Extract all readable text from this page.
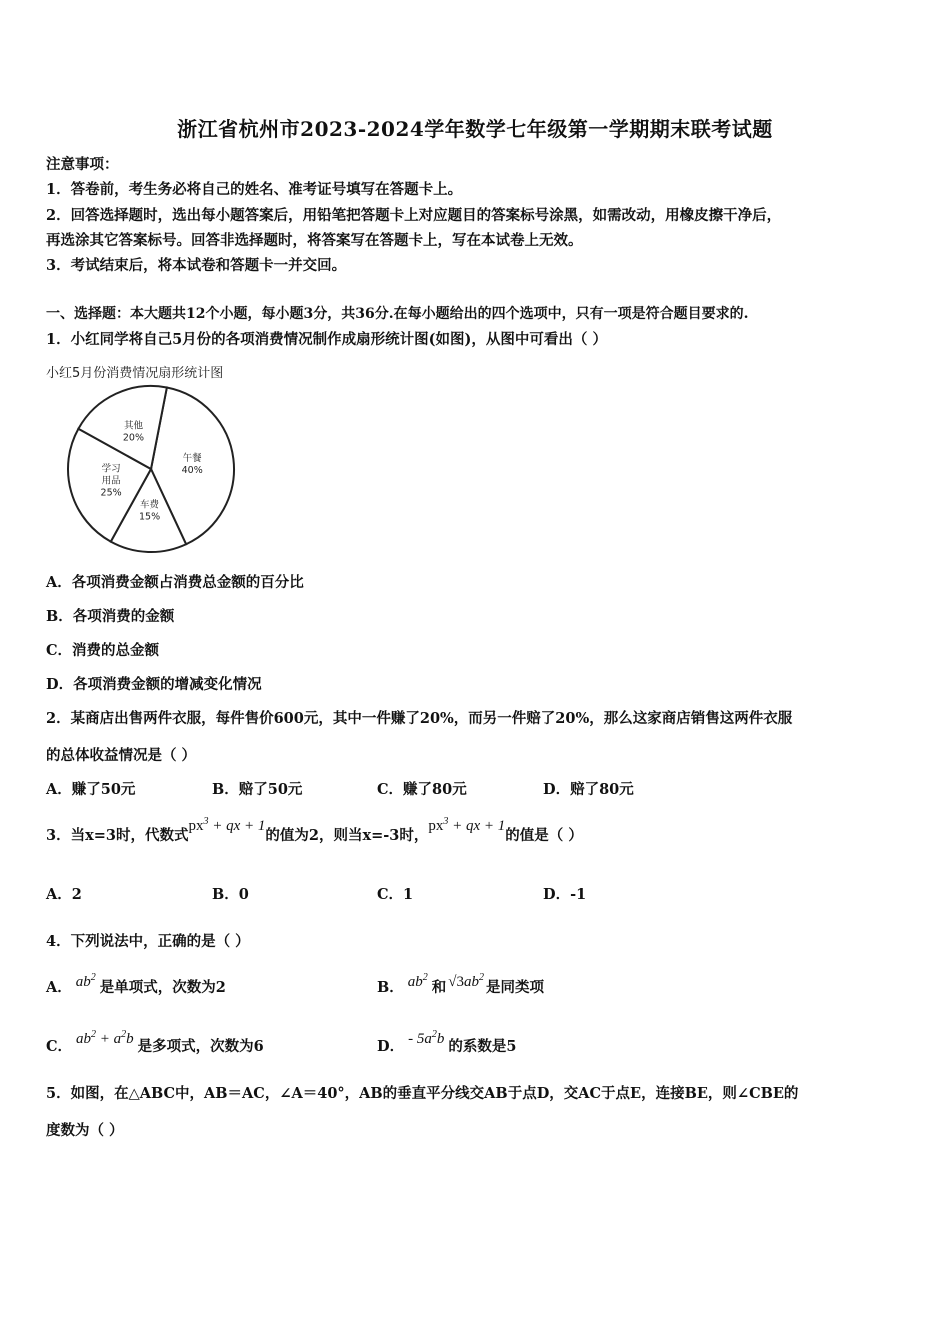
浙江省杭州市2023-2024学年数学七年级第一学期期末联考试题
注意事项：
1．答卷前，考生务必将自己的姓名、准考证号填写在答题卡上。
2．回答选择题时，选出每小题答案后，用铅笔把答题卡上对应题目的答案标号涂黑，如需改动，用橡皮擦干净后，
再选涂其它答案标号。回答非选择题时，将答案写在答题卡上，写在本试卷上无效。
3．考试结束后，将本试卷和答题卡一并交回。
一、选择题：本大题共12个小题，每小题3分，共36分.在每小题给出的四个选项中，只有一项是符合题目要求的.
1．小红同学将自己5月份的各项消费情况制作成扇形统计图(如图)，从图中可看出（ ）
小红5月份消费情况扇形统计图
午餐
40%
车费
15%
学习
用品
25%
其他
20%
A．各项消费金额占消费总金额的百分比
B．各项消费的金额
C．消费的总金额
D．各项消费金额的增减变化情况
2．某商店出售两件衣服，每件售价600元，其中一件赚了20%，而另一件赔了20%，那么这家商店销售这两件衣服
的总体收益情况是（ ）
A．赚了50元	B．赔了50元	C．赚了80元	D．赔了80元
3．当x=3时，代数式$px^3$ + qx + 1的值为2，则当x=-3时，$px^3$ + qx + 1的值是（ ）
A．2	B．0	C．1	D．-1
4．下列说法中，正确的是（ ）
A． $ab^2$是单项式，次数为2	B． $ab^2$和 $√3ab^2$是同类项
C． $ab^2 + a^2b$ 是多项式，次数为6	D． - $5a^2b$ 的系数是5
5．如图，在△ABC中，AB＝AC，∠A＝40°，AB的垂直平分线交AB于点D，交AC于点E，连接BE，则∠CBE的
度数为（ ）
